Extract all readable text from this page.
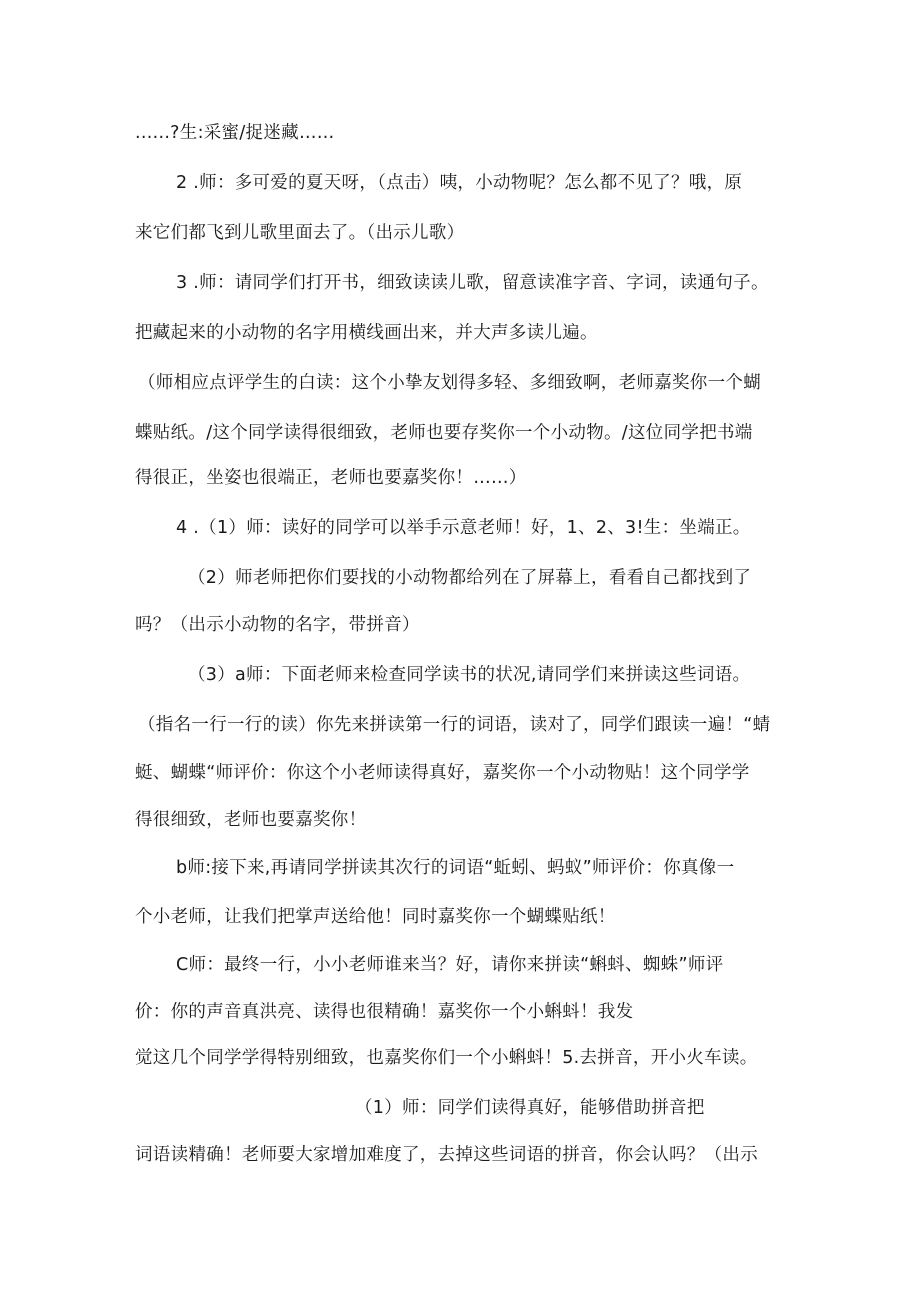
......?生:采蜜/捉迷藏……
2 .师：多可爱的夏天呀，（点击）咦，小动物呢？怎么都不见了？哦，原
来它们都飞到儿歌里面去了。（出示儿歌）
3 .师：请同学们打开书，细致读读儿歌，留意读准字音、字词，读通句子。
把藏起来的小动物的名字用横线画出来，并大声多读儿遍。
（师相应点评学生的白读：这个小挚友划得多轻、多细致啊，老师嘉奖你一个蝴
蝶贴纸。/这个同学读得很细致，老师也要存奖你一个小动物。/这位同学把书端
得很正，坐姿也很端正，老师也要嘉奖你！……）
4 .（1）师：读好的同学可以举手示意老师！好，1、2、3!生：坐端正。
（2）师老师把你们要找的小动物都给列在了屏幕上，看看自己都找到了
吗？（出示小动物的名字，带拼音）
（3）a师：下面老师来检查同学读书的状况,请同学们来拼读这些词语。
（指名一行一行的读）你先来拼读第一行的词语，读对了，同学们跟读一遍！“蜻
蜓、蝴蝶“师评价：你这个小老师读得真好，嘉奖你一个小动物贴！这个同学学
得很细致，老师也要嘉奖你！
b师:接下来,再请同学拼读其次行的词语“蚯蚓、蚂蚁”师评价：你真像一
个小老师，让我们把掌声送给他！同时嘉奖你一个蝴蝶贴纸！
C师：最终一行，小小老师谁来当？好，请你来拼读“蝌蚪、蜘蛛”师评
价：你的声音真洪亮、读得也很精确！嘉奖你一个小蝌蚪！我发
觉这几个同学学得特别细致，也嘉奖你们一个小蝌蚪！5.去拼音，开小火车读。
（1）师：同学们读得真好，能够借助拼音把
词语读精确！老师要大家增加难度了，去掉这些词语的拼音，你会认吗？（出示
